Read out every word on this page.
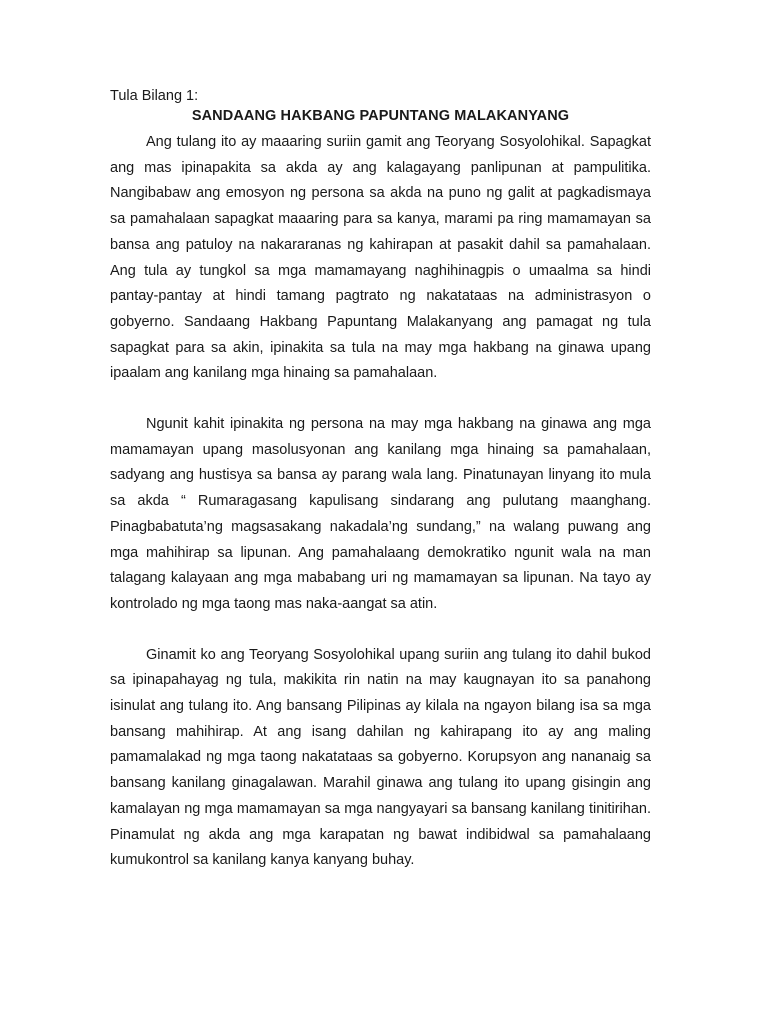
Tula Bilang 1:

SANDAANG HAKBANG PAPUNTANG MALAKANYANG

Ang tulang ito ay maaaring suriin gamit ang Teoryang Sosyolohikal. Sapagkat ang mas ipinapakita sa akda ay ang kalagayang panlipunan at pampulitika. Nangibabaw ang emosyon ng persona sa akda na puno ng galit at pagkadismaya sa pamahalaan sapagkat maaaring para sa kanya, marami pa ring mamamayan sa bansa ang patuloy na nakararanas ng kahirapan at pasakit dahil sa pamahalaan. Ang tula ay tungkol sa mga mamamayang naghihinagpis o umaalma sa hindi pantay-pantay at hindi tamang pagtrato ng nakatataas na administrasyon o gobyerno. Sandaang Hakbang Papuntang Malakanyang ang pamagat ng tula sapagkat para sa akin, ipinakita sa tula na may mga hakbang na ginawa upang ipaalam ang kanilang mga hinaing sa pamahalaan.

Ngunit kahit ipinakita ng persona na may mga hakbang na ginawa ang mga mamamayan upang masolusyonan ang kanilang mga hinaing sa pamahalaan, sadyang ang hustisya sa bansa ay parang wala lang. Pinatunayan linyang ito mula sa akda “ Rumaragasang kapulisang sindarang ang pulutang maanghang. Pinagbabatuta’ng magsasakang nakadala’ng sundang,” na walang puwang ang mga mahihirap sa lipunan. Ang pamahalaang demokratiko ngunit wala na man talagang kalayaan ang mga mababang uri ng mamamayan sa lipunan. Na tayo ay kontrolado ng mga taong mas naka-aangat sa atin.

Ginamit ko ang Teoryang Sosyolohikal upang suriin ang tulang ito dahil bukod sa ipinapahayag ng tula, makikita rin natin na may kaugnayan ito sa panahong isinulat ang tulang ito. Ang bansang Pilipinas ay kilala na ngayon bilang isa sa mga bansang mahihirap. At ang isang dahilan ng kahirapang ito ay ang maling pamamalakad ng mga taong nakatataas sa gobyerno. Korupsyon ang nananaig sa bansang kanilang ginagalawan. Marahil ginawa ang tulang ito upang gisingin ang kamalayan ng mga mamamayan sa mga nangyayari sa bansang kanilang tinitirihan. Pinamulat ng akda ang mga karapatan ng bawat indibidwal sa pamahalaang kumukontrol sa kanilang kanya kanyang buhay.
